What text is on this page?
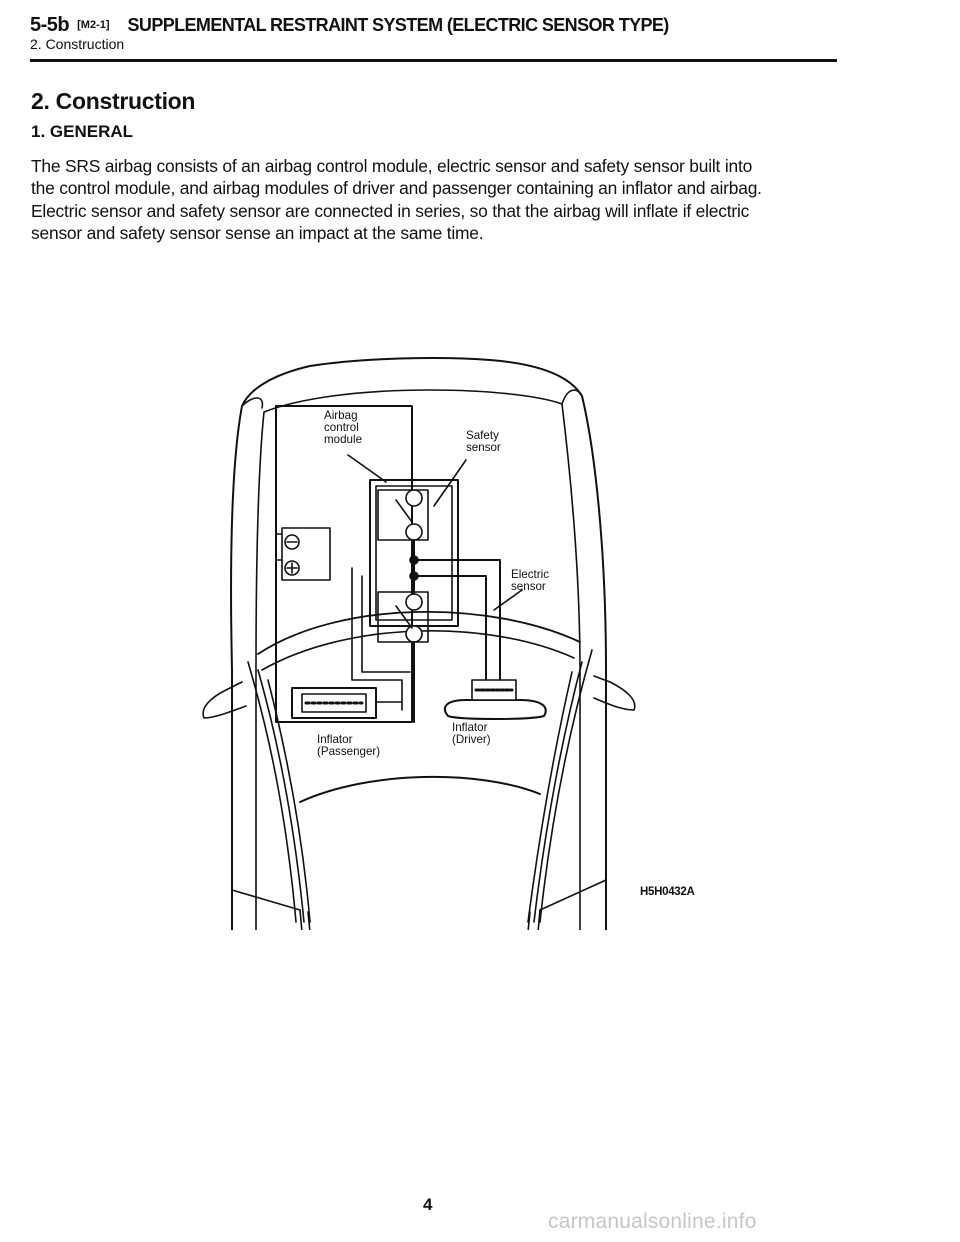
5-5b [M2-1] SUPPLEMENTAL RESTRAINT SYSTEM (ELECTRIC SENSOR TYPE)
2. Construction
2. Construction
1. GENERAL

The SRS airbag consists of an airbag control module, electric sensor and safety sensor built into
the control module, and airbag modules of driver and passenger containing an inflator and airbag.
Electric sensor and safety sensor are connected in series, so that the airbag will inflate if electric
sensor and safety sensor sense an impact at the same time.

Airbag
control
module	Safety
sensor
Electric
sensor
Inflator
(Passenger)
Inflator
(Driver)
H5H0432A
4
carmanualsonline.info
